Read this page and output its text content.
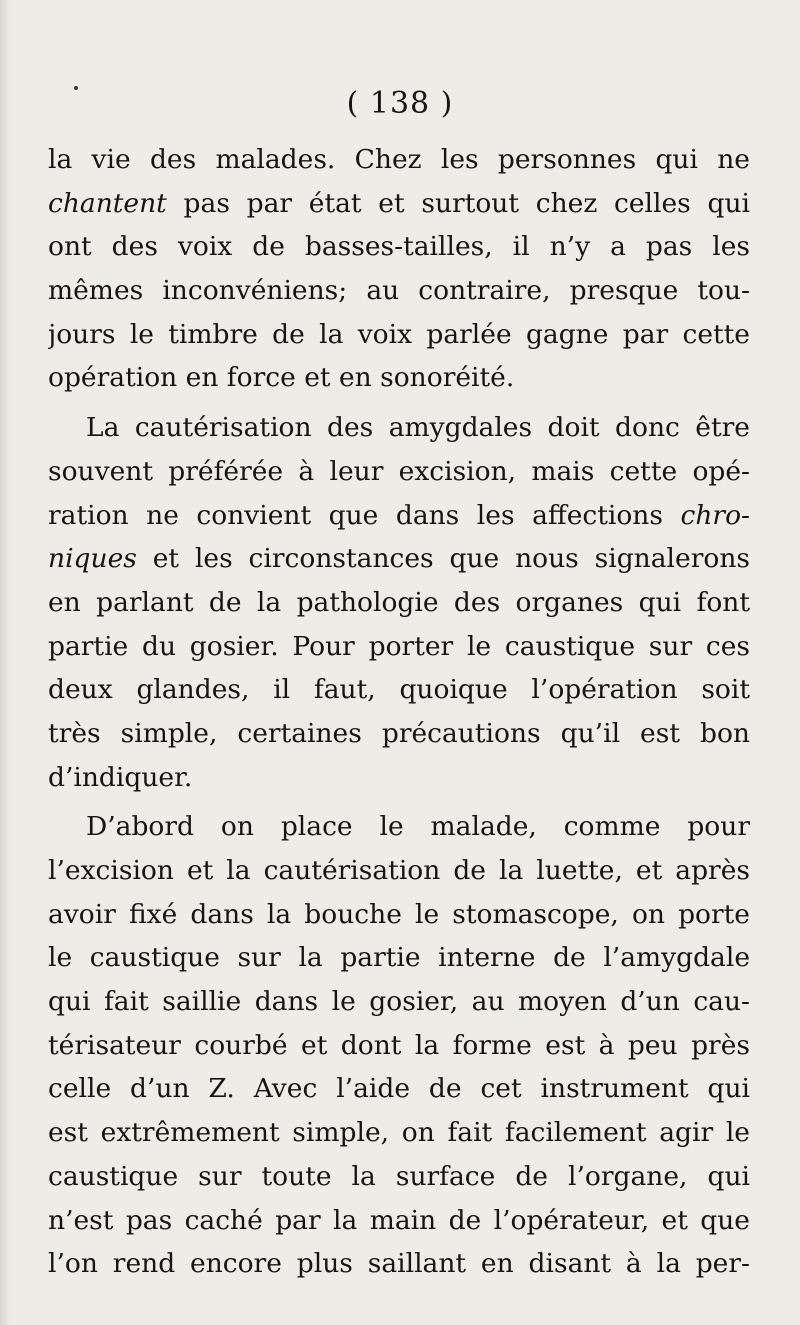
( 138 )
la vie des malades. Chez les personnes qui ne
chantent pas par état et surtout chez celles qui
ont des voix de basses-tailles, il n’y a pas les
mêmes inconvéniens; au contraire, presque tou-
jours le timbre de la voix parlée gagne par cette
opération en force et en sonoréité.
La cautérisation des amygdales doit donc être
souvent préférée à leur excision, mais cette opé-
ration ne convient que dans les affections chro-
niques et les circonstances que nous signalerons
en parlant de la pathologie des organes qui font
partie du gosier. Pour porter le caustique sur ces
deux glandes, il faut, quoique l’opération soit
très simple, certaines précautions qu’il est bon
d’indiquer.
D’abord on place le malade, comme pour
l’excision et la cautérisation de la luette, et après
avoir fixé dans la bouche le stomascope, on porte
le caustique sur la partie interne de l’amygdale
qui fait saillie dans le gosier, au moyen d’un cau-
térisateur courbé et dont la forme est à peu près
celle d’un Z. Avec l’aide de cet instrument qui
est extrêmement simple, on fait facilement agir le
caustique sur toute la surface de l’organe, qui
n’est pas caché par la main de l’opérateur, et que
l’on rend encore plus saillant en disant à la per-
